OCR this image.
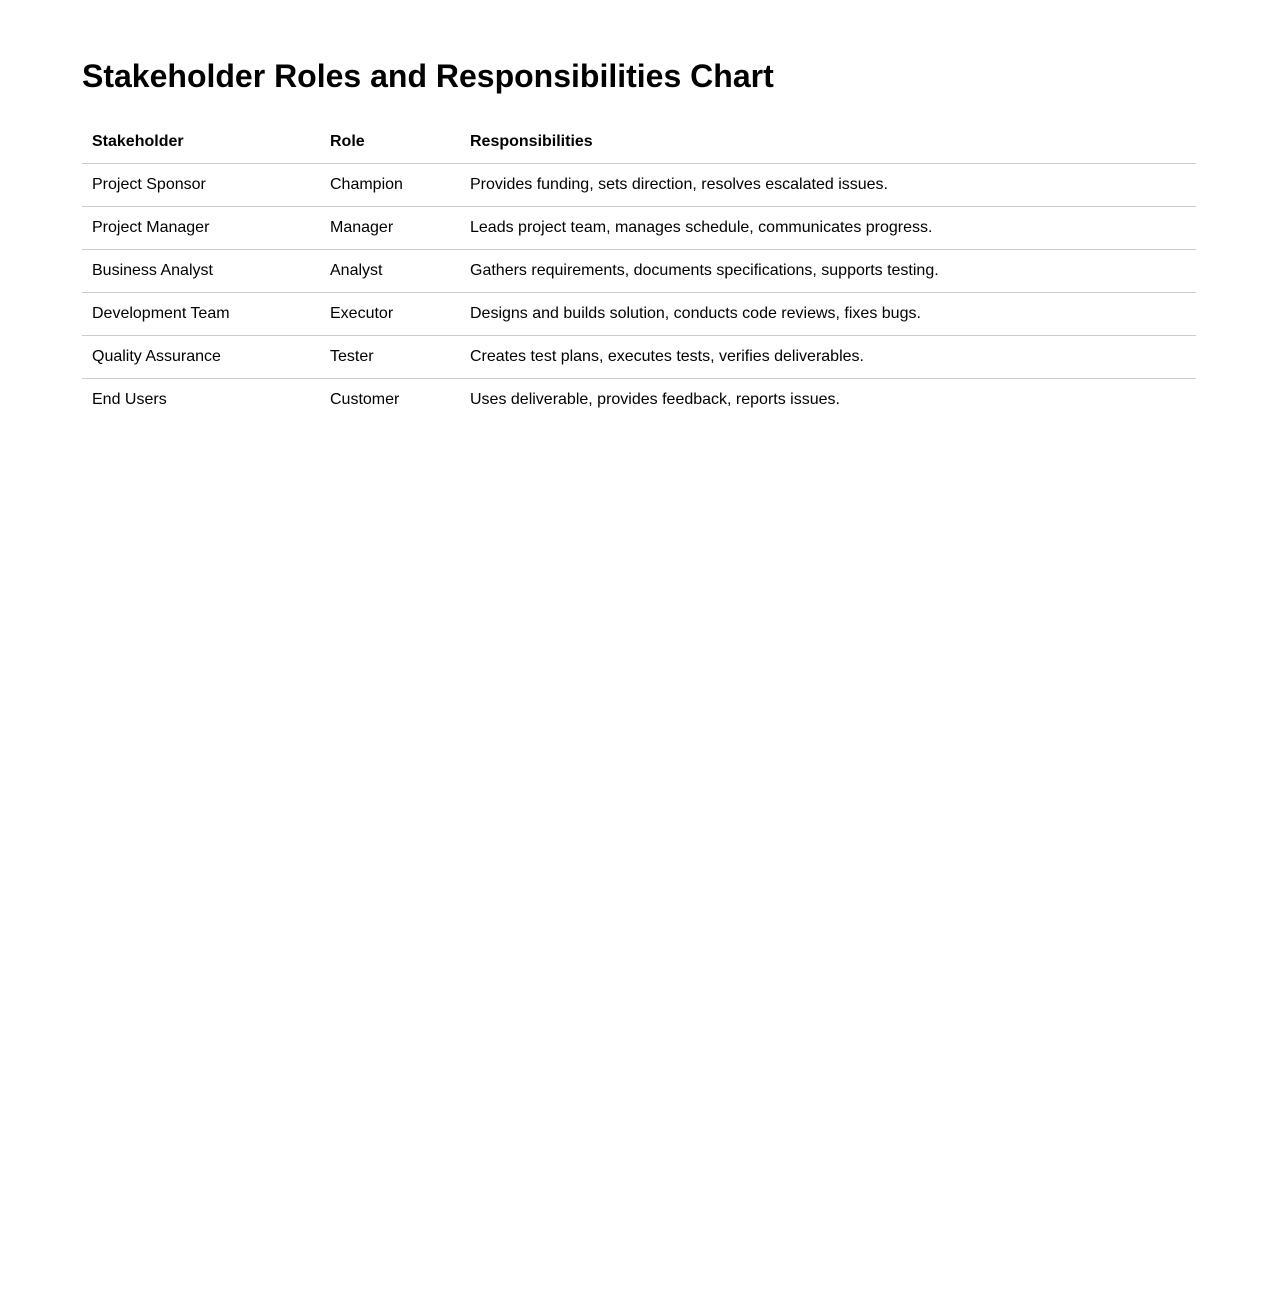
Stakeholder Roles and Responsibilities Chart
Stakeholder	Role	Responsibilities
Project Sponsor	Champion	Provides funding, sets direction, resolves escalated issues.
Project Manager	Manager	Leads project team, manages schedule, communicates progress.
Business Analyst	Analyst	Gathers requirements, documents specifications, supports testing.
Development Team	Executor	Designs and builds solution, conducts code reviews, fixes bugs.
Quality Assurance	Tester	Creates test plans, executes tests, verifies deliverables.
End Users	Customer	Uses deliverable, provides feedback, reports issues.
